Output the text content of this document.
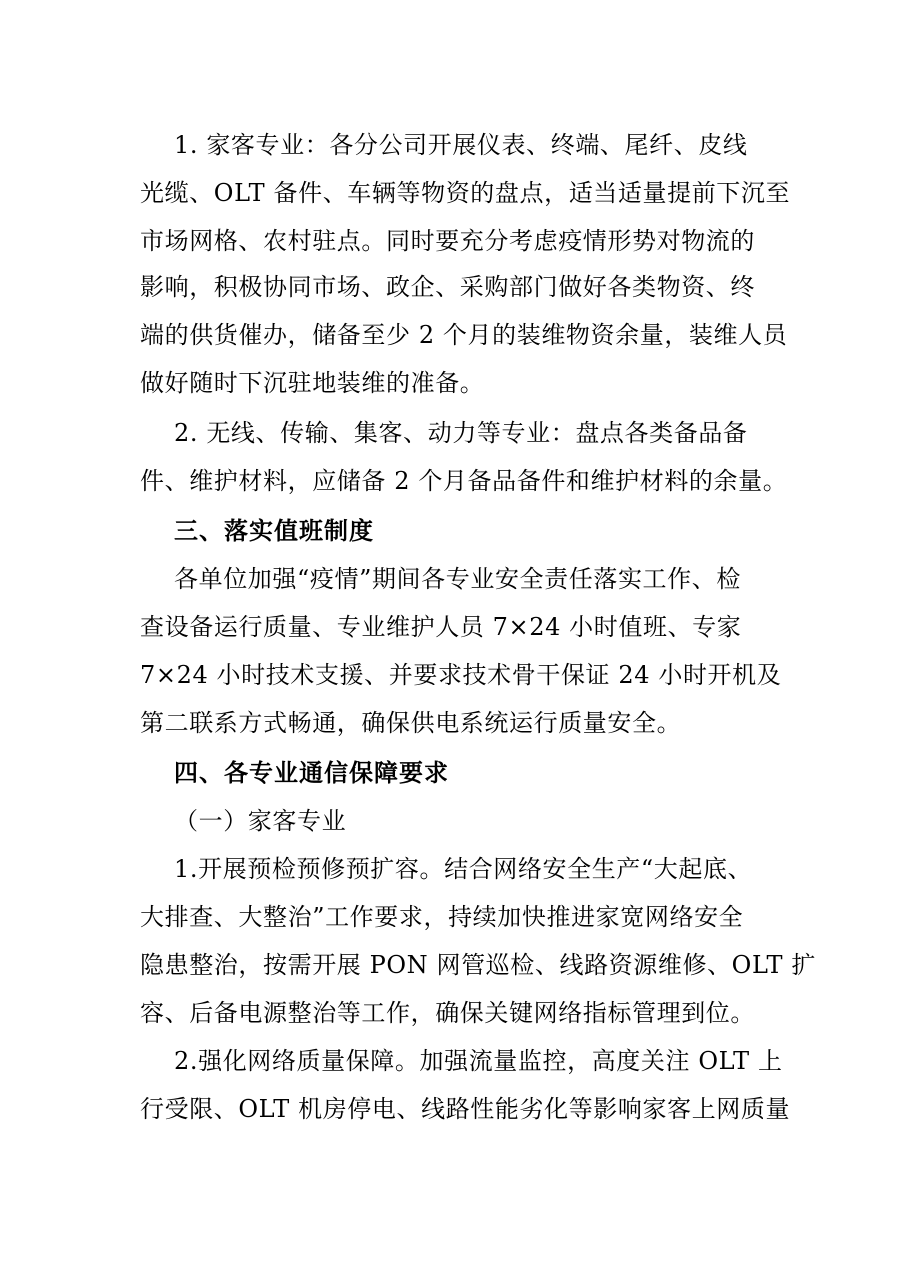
1. 家客专业：各分公司开展仪表、终端、尾纤、皮线
光缆、OLT 备件、车辆等物资的盘点，适当适量提前下沉至
市场网格、农村驻点。同时要充分考虑疫情形势对物流的
影响，积极协同市场、政企、采购部门做好各类物资、终
端的供货催办，储备至少 2 个月的装维物资余量，装维人员
做好随时下沉驻地装维的准备。
2. 无线、传输、集客、动力等专业：盘点各类备品备
件、维护材料，应储备 2 个月备品备件和维护材料的余量。
三、落实值班制度
各单位加强“疫情”期间各专业安全责任落实工作、检
查设备运行质量、专业维护人员 7×24 小时值班、专家
7×24 小时技术支援、并要求技术骨干保证 24 小时开机及
第二联系方式畅通，确保供电系统运行质量安全。
四、各专业通信保障要求
（一）家客专业
1.开展预检预修预扩容。结合网络安全生产“大起底、
大排查、大整治”工作要求，持续加快推进家宽网络安全
隐患整治，按需开展 PON 网管巡检、线路资源维修、OLT 扩
容、后备电源整治等工作，确保关键网络指标管理到位。
2.强化网络质量保障。加强流量监控，高度关注 OLT 上
行受限、OLT 机房停电、线路性能劣化等影响家客上网质量
